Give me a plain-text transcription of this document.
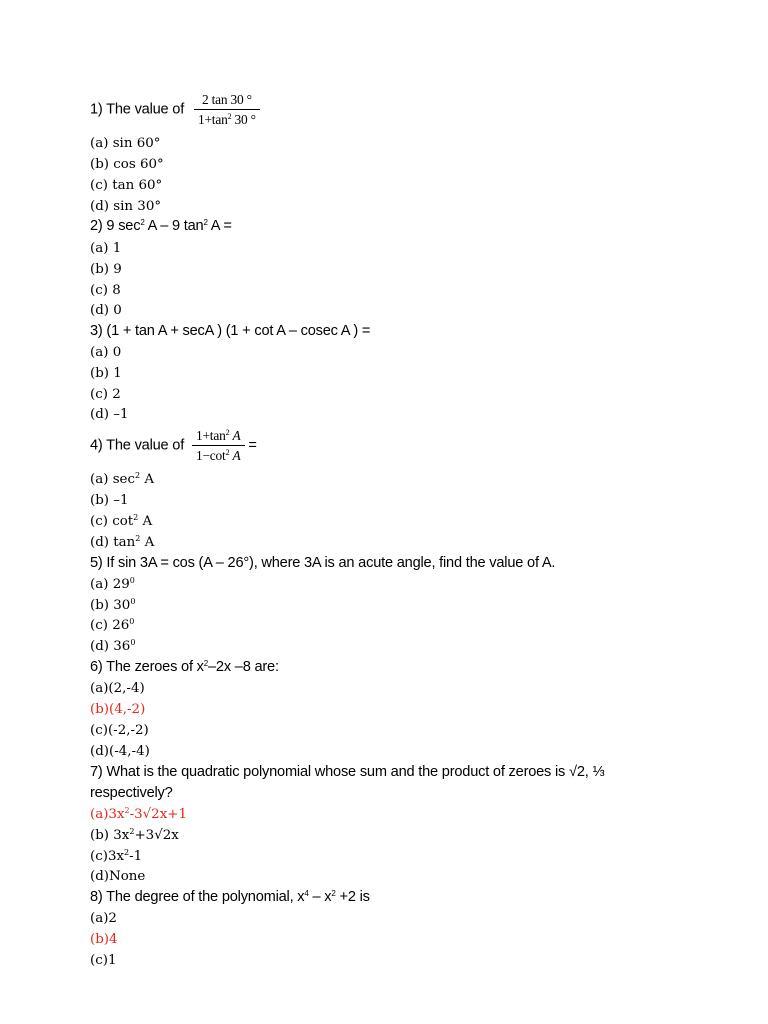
1) The value of $\frac{2 \tan 30 ^\circ}{1+\tan^2 30 ^\circ}$
(a) sin 60°
(b) cos 60°
(c) tan 60°
(d) sin 30°
2) 9 $\sec^2 A - 9$ $\tan^2 A$ =
(a) 1
(b) 9
(c) 8
(d) 0
3) (1 + tan A + secA ) (1 + cot A – cosec A ) =
(a) 0
(b) 1
(c) 2
(d) –1
4) The value of $\frac{1+\tan^2 A}{1-\cot^2 A}$ =
(a) $\sec^2 A$
(b) –1
(c) $\cot^2 A$
(d) $\tan^2 A$
5) If sin 3A = cos (A – 26°), where 3A is an acute angle, find the value of A.
(a) $29^0$
(b) $30^0$
(c) $26^0$
(d) $36^0$
6) The zeroes of $x^2-2x$ –8 are:
(a)(2,-4)
(b)(4,-2)
(c)(-2,-2)
(d)(-4,-4)
7) What is the quadratic polynomial whose sum and the product of zeroes is √2, ⅓
respectively?
$(a)3x^2-3√2x+1$
(b) $3x^2+3√2x$
$(c)3x^2-1$
(d)None
8) The degree of the polynomial, $x^4 - x^2 +2$ is
(a)2
(b)4
(c)1
